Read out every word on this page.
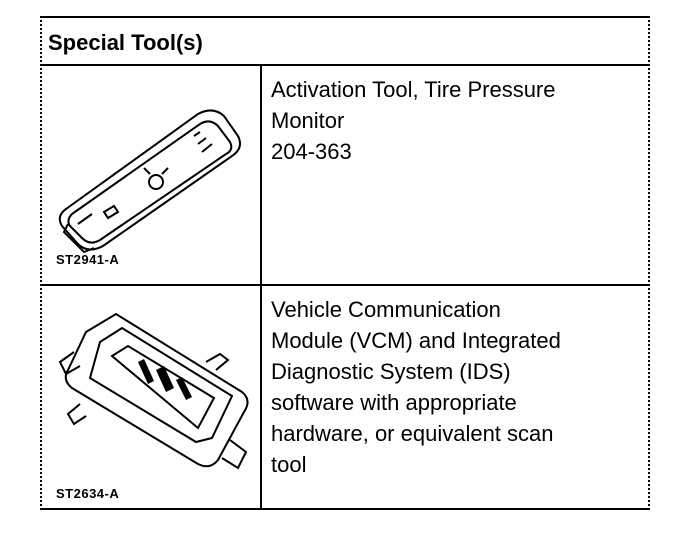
Special Tool(s)
ST2941-A
Activation Tool, Tire Pressure
Monitor
204-363
ST2634-A
Vehicle Communication
Module (VCM) and Integrated
Diagnostic System (IDS)
software with appropriate
hardware, or equivalent scan
tool
